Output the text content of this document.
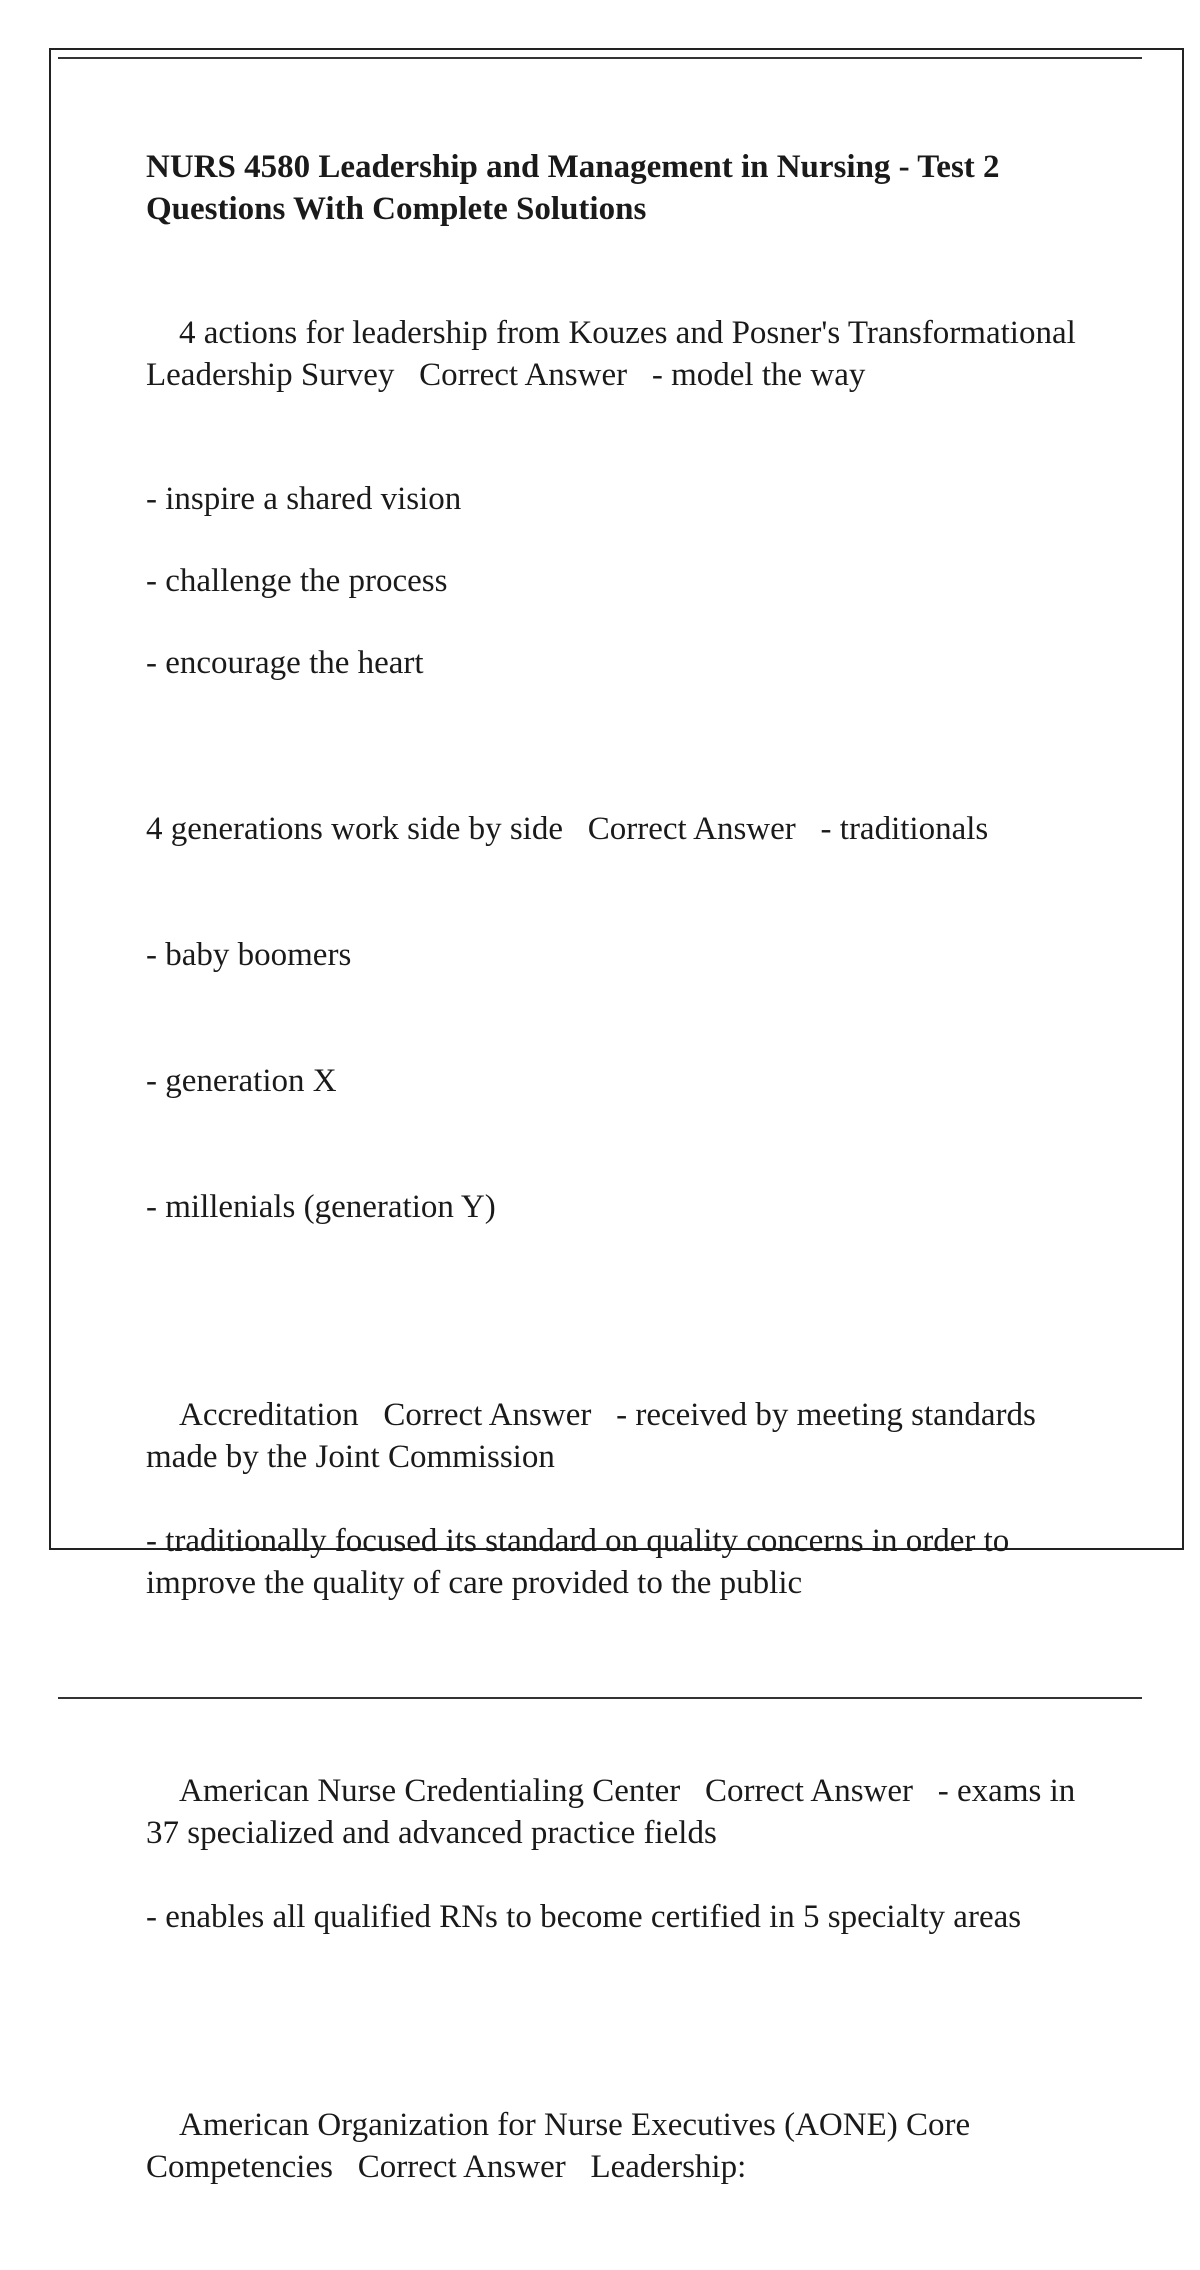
NURS 4580 Leadership and Management in Nursing - Test 2 Questions With Complete Solutions

4 actions for leadership from Kouzes and Posner's Transformational Leadership Survey Correct Answer - model the way

- inspire a shared vision
- challenge the process
- encourage the heart

4 generations work side by side Correct Answer - traditionals

- baby boomers

- generation X

- millenials (generation Y)

Accreditation Correct Answer - received by meeting standards made by the Joint Commission

- traditionally focused its standard on quality concerns in order to improve the quality of care provided to the public

American Nurse Credentialing Center Correct Answer - exams in 37 specialized and advanced practice fields

- enables all qualified RNs to become certified in 5 specialty areas

American Organization for Nurse Executives (AONE) Core Competencies Correct Answer Leadership:
